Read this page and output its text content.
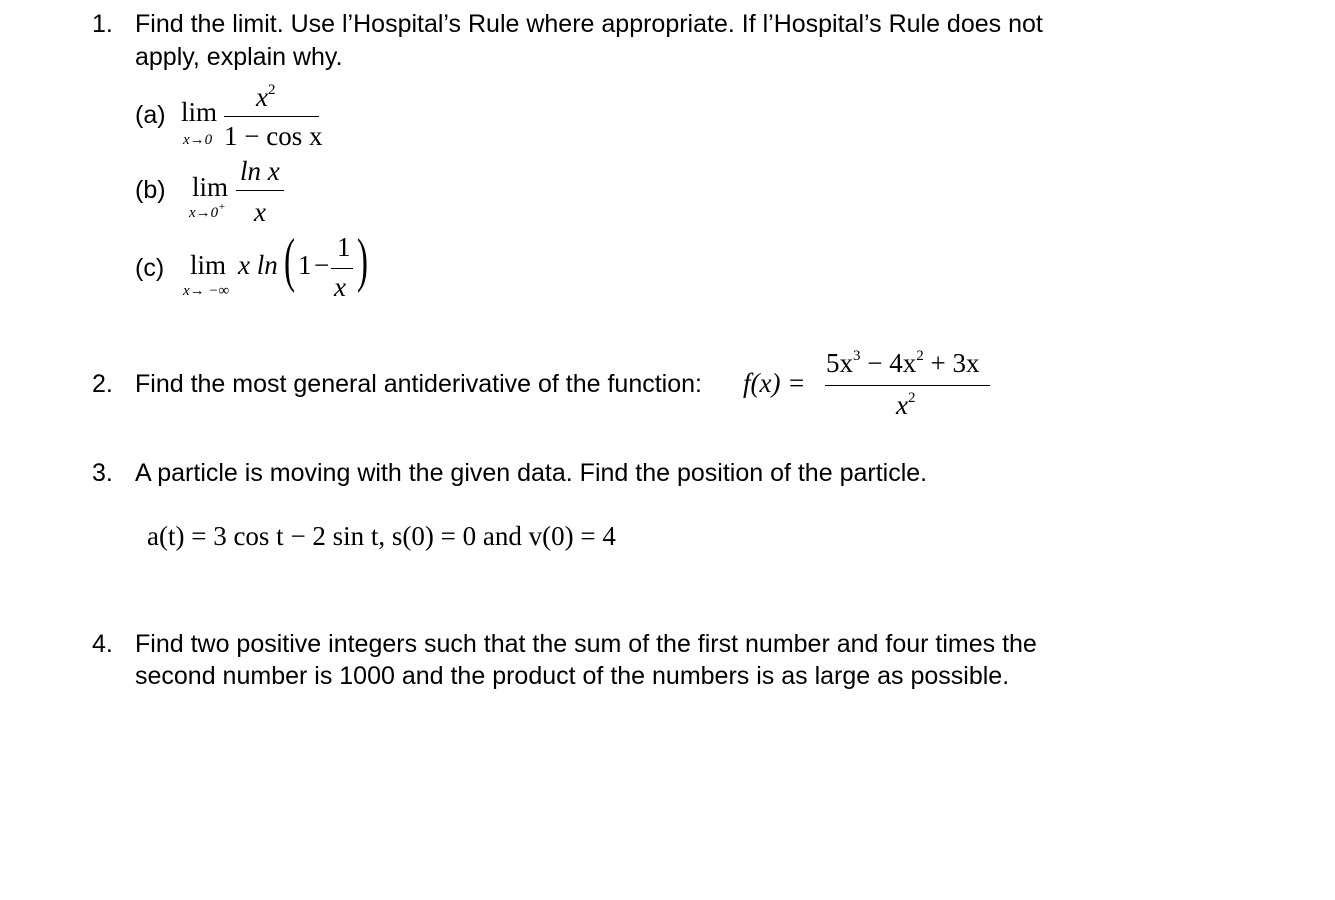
1. Find the limit. Use l’Hospital’s Rule where appropriate. If l’Hospital’s Rule does not
apply, explain why.
(a) lim
x→0
$x^2$
1 − cos x
(b) lim
x→0+
ln x
x
(c) lim
x→ −∞
x ln ( 1 −
1
x )
2. Find the most general antiderivative of the function: f(x) =
$5x^3 - 4x^2 + 3x$
$x^2$
3. A particle is moving with the given data. Find the position of the particle.
a(t) = 3 cos t − 2 sin t, s(0) = 0 and v(0) = 4
4. Find two positive integers such that the sum of the first number and four times the
second number is 1000 and the product of the numbers is as large as possible.
